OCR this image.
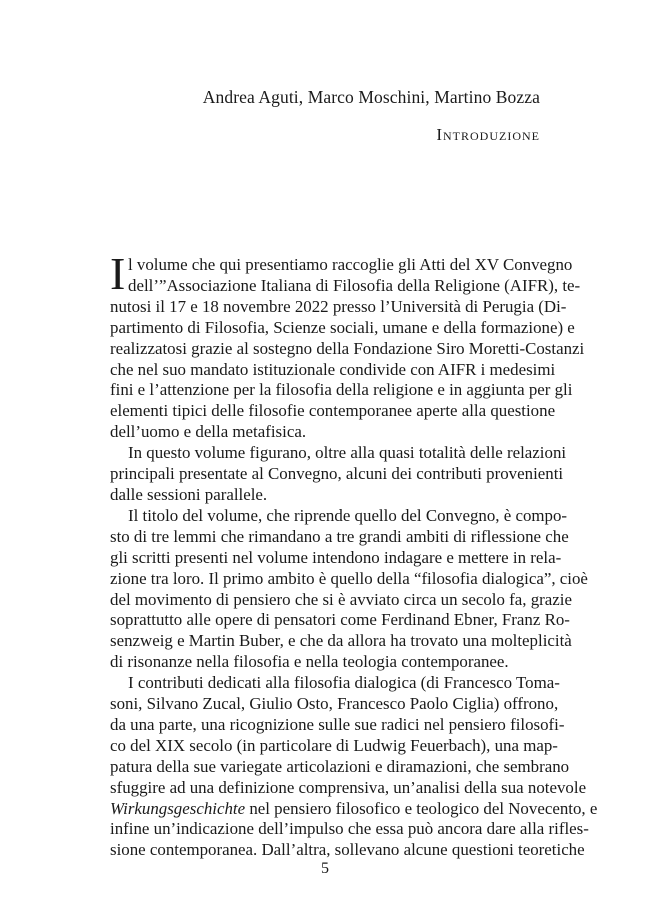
Andrea Aguti, Marco Moschini, Martino Bozza
Introduzione

I l volume che qui presentiamo raccoglie gli Atti del XV Convegno
dell’”Associazione Italiana di Filosofia della Religione (AIFR), te-
nutosi il 17 e 18 novembre 2022 presso l’Università di Perugia (Di-
partimento di Filosofia, Scienze sociali, umane e della formazione) e
realizzatosi grazie al sostegno della Fondazione Siro Moretti-Costanzi
che nel suo mandato istituzionale condivide con AIFR i medesimi
fini e l’attenzione per la filosofia della religione e in aggiunta per gli
elementi tipici delle filosofie contemporanee aperte alla questione
dell’uomo e della metafisica.

In questo volume figurano, oltre alla quasi totalità delle relazioni
principali presentate al Convegno, alcuni dei contributi provenienti
dalle sessioni parallele.

Il titolo del volume, che riprende quello del Convegno, è compo-
sto di tre lemmi che rimandano a tre grandi ambiti di riflessione che
gli scritti presenti nel volume intendono indagare e mettere in rela-
zione tra loro. Il primo ambito è quello della “filosofia dialogica”, cioè
del movimento di pensiero che si è avviato circa un secolo fa, grazie
soprattutto alle opere di pensatori come Ferdinand Ebner, Franz Ro-
senzweig e Martin Buber, e che da allora ha trovato una molteplicità
di risonanze nella filosofia e nella teologia contemporanee.

I contributi dedicati alla filosofia dialogica (di Francesco Toma-
soni, Silvano Zucal, Giulio Osto, Francesco Paolo Ciglia) offrono,
da una parte, una ricognizione sulle sue radici nel pensiero filosofi-
co del XIX secolo (in particolare di Ludwig Feuerbach), una map-
patura della sue variegate articolazioni e diramazioni, che sembrano
sfuggire ad una definizione comprensiva, un’analisi della sua notevole
Wirkungsgeschichte nel pensiero filosofico e teologico del Novecento, e
infine un’indicazione dell’impulso che essa può ancora dare alla rifles-
sione contemporanea. Dall’altra, sollevano alcune questioni teoretiche

5
